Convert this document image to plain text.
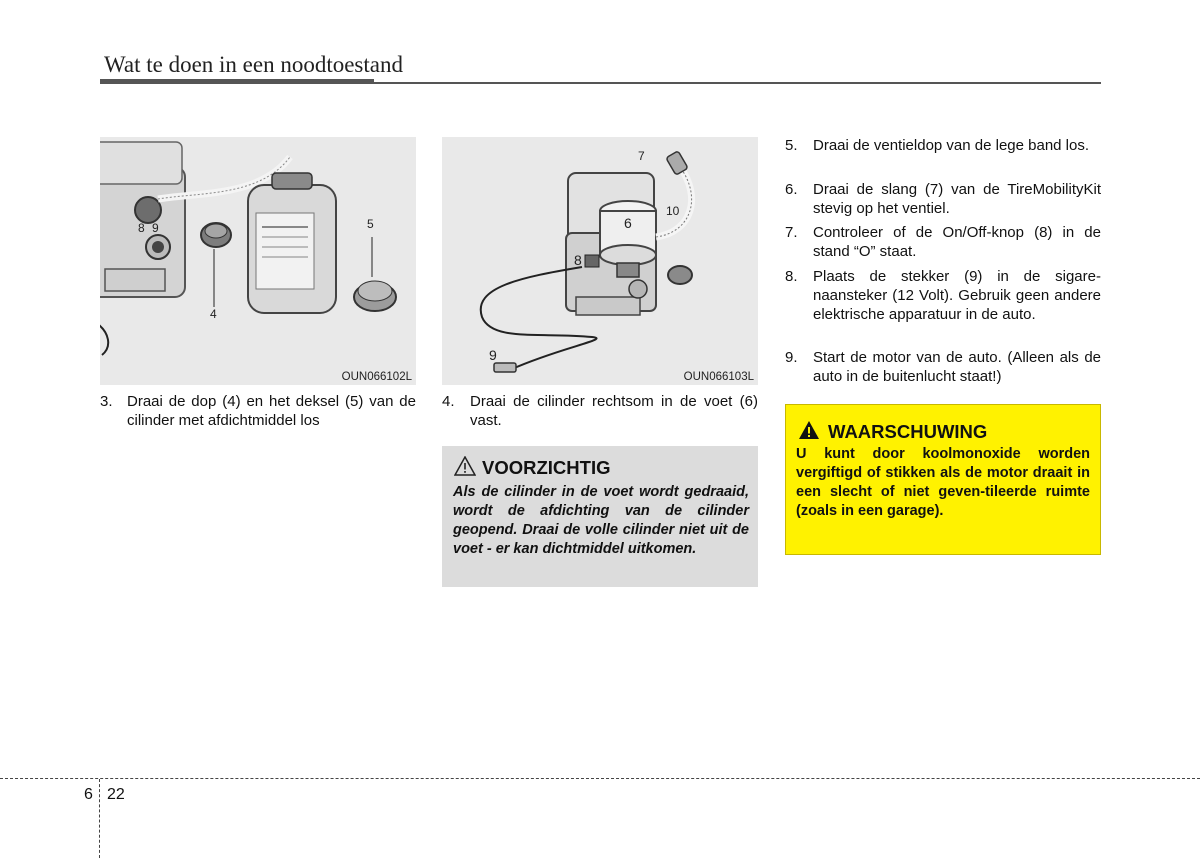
Wat te doen in een noodtoestand
8 9
4
5
OUN066102L
7
10
6
8
9
OUN066103L
3. Draai de dop (4) en het deksel (5) van de cilinder met afdichtmiddel los
4. Draai de cilinder rechtsom in de voet (6) vast.
5. Draai de ventieldop van de lege band los.
6. Draai de slang (7) van de TireMobilityKit stevig op het ventiel.
7. Controleer of de On/Off-knop (8) in de stand “O” staat.
8. Plaats de stekker (9) in de sigare-naansteker (12 Volt). Gebruik geen andere elektrische apparatuur in de auto.
9. Start de motor van de auto. (Alleen als de auto in de buitenlucht staat!)
VOORZICHTIG
Als de cilinder in de voet wordt gedraaid, wordt de afdichting van de cilinder geopend. Draai de volle cilinder niet uit de voet - er kan dichtmiddel uitkomen.
WAARSCHUWING
U kunt door koolmonoxide worden vergiftigd of stikken als de motor draait in een slecht of niet geven-tileerde ruimte (zoals in een garage).
6 22
